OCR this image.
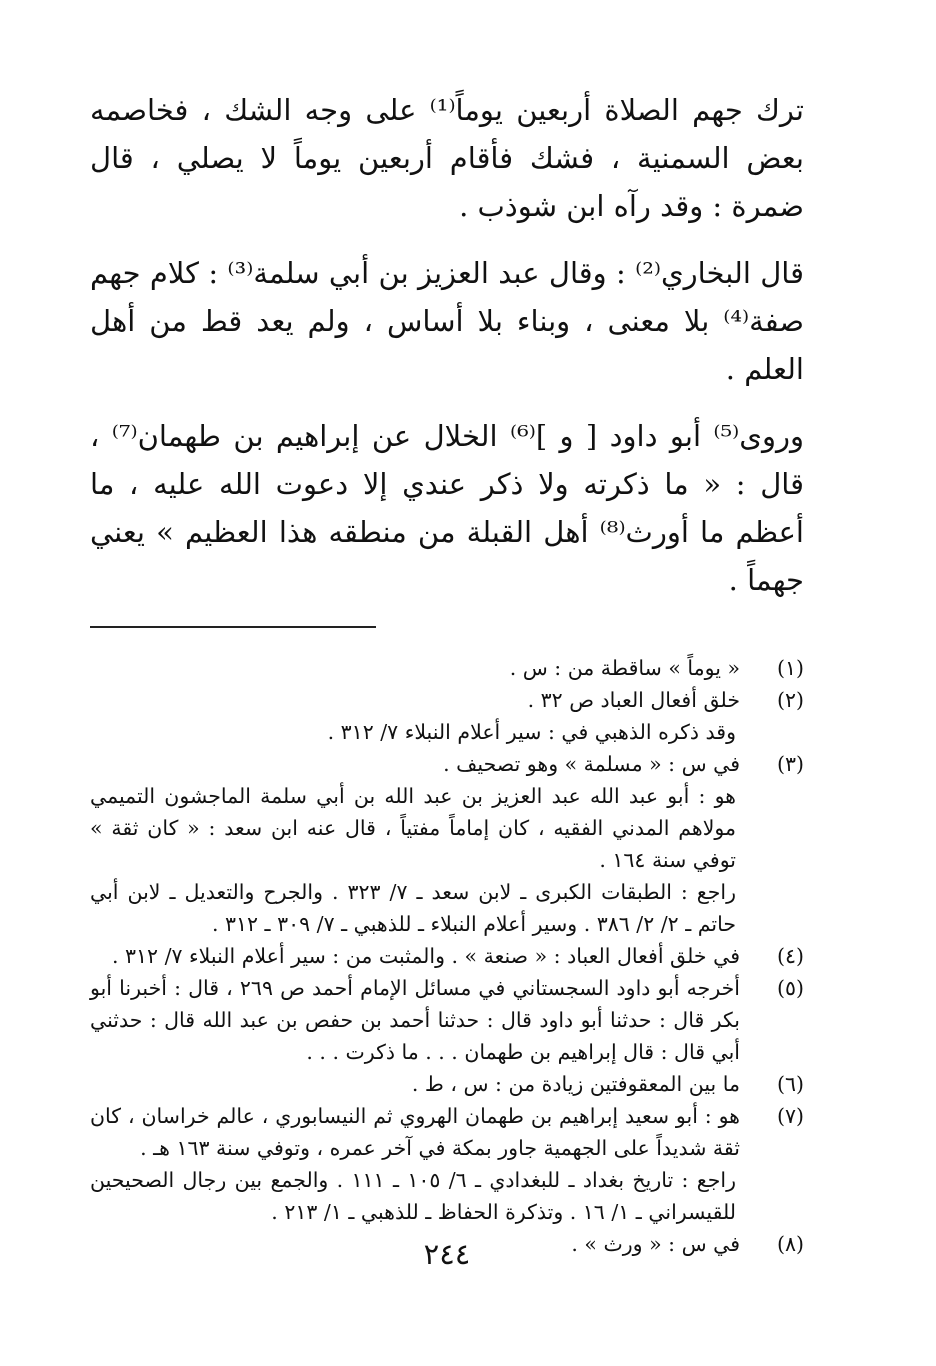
ترك جهم الصلاة أربعين يوماً⁽¹⁾ على وجه الشك ، فخاصمه بعض السمنية ، فشك فأقام أربعين يوماً لا يصلي ، قال ضمرة : وقد رآه ابن شوذب .

قال البخاري⁽²⁾ : وقال عبد العزيز بن أبي سلمة⁽³⁾ : كلام جهم صفة⁽⁴⁾ بلا معنى ، وبناء بلا أساس ، ولم يعد قط من أهل العلم .

وروى⁽⁵⁾ أبو داود [ و ]⁽⁶⁾ الخلال عن إبراهيم بن طهمان⁽⁷⁾ ، قال : « ما ذكرته ولا ذكر عندي إلا دعوت الله عليه ، ما أعظم ما أورث⁽⁸⁾ أهل القبلة من منطقه هذا العظيم » يعني جهماً .

(١)
« يوماً » ساقطة من : س .
(٢)
خلق أفعال العباد ص ٣٢ .
وقد ذكره الذهبي في : سير أعلام النبلاء ٧/ ٣١٢ .
(٣)
في س : « مسلمة » وهو تصحيف .
هو : أبو عبد الله عبد العزيز بن عبد الله بن أبي سلمة الماجشون التميمي مولاهم المدني الفقيه ، كان إماماً مفتياً ، قال عنه ابن سعد : « كان ثقة » توفي سنة ١٦٤ .
راجع : الطبقات الكبرى ـ لابن سعد ـ ٧/ ٣٢٣ . والجرح والتعديل ـ لابن أبي حاتم ـ ٢/ ٢/ ٣٨٦ . وسير أعلام النبلاء ـ للذهبي ـ ٧/ ٣٠٩ ـ ٣١٢ .
(٤)
في خلق أفعال العباد : « صنعة » . والمثبت من : سير أعلام النبلاء ٧/ ٣١٢ .
(٥)
أخرجه أبو داود السجستاني في مسائل الإمام أحمد ص ٢٦٩ ، قال : أخبرنا أبو بكر قال : حدثنا أبو داود قال : حدثنا أحمد بن حفص بن عبد الله قال : حدثني أبي قال : قال إبراهيم بن طهمان . . . ما ذكرت . . .
(٦)
ما بين المعقوفتين زيادة من : س ، ط .
(٧)
هو : أبو سعيد إبراهيم بن طهمان الهروي ثم النيسابوري ، عالم خراسان ، كان ثقة شديداً على الجهمية جاور بمكة في آخر عمره ، وتوفي سنة ١٦٣ هـ .
راجع : تاريخ بغداد ـ للبغدادي ـ ٦/ ١٠٥ ـ ١١١ . والجمع بين رجال الصحيحين للقيسراني ـ ١/ ١٦ . وتذكرة الحفاظ ـ للذهبي ـ ١/ ٢١٣ .
(٨)
في س : « ورث » .
٢٤٤
